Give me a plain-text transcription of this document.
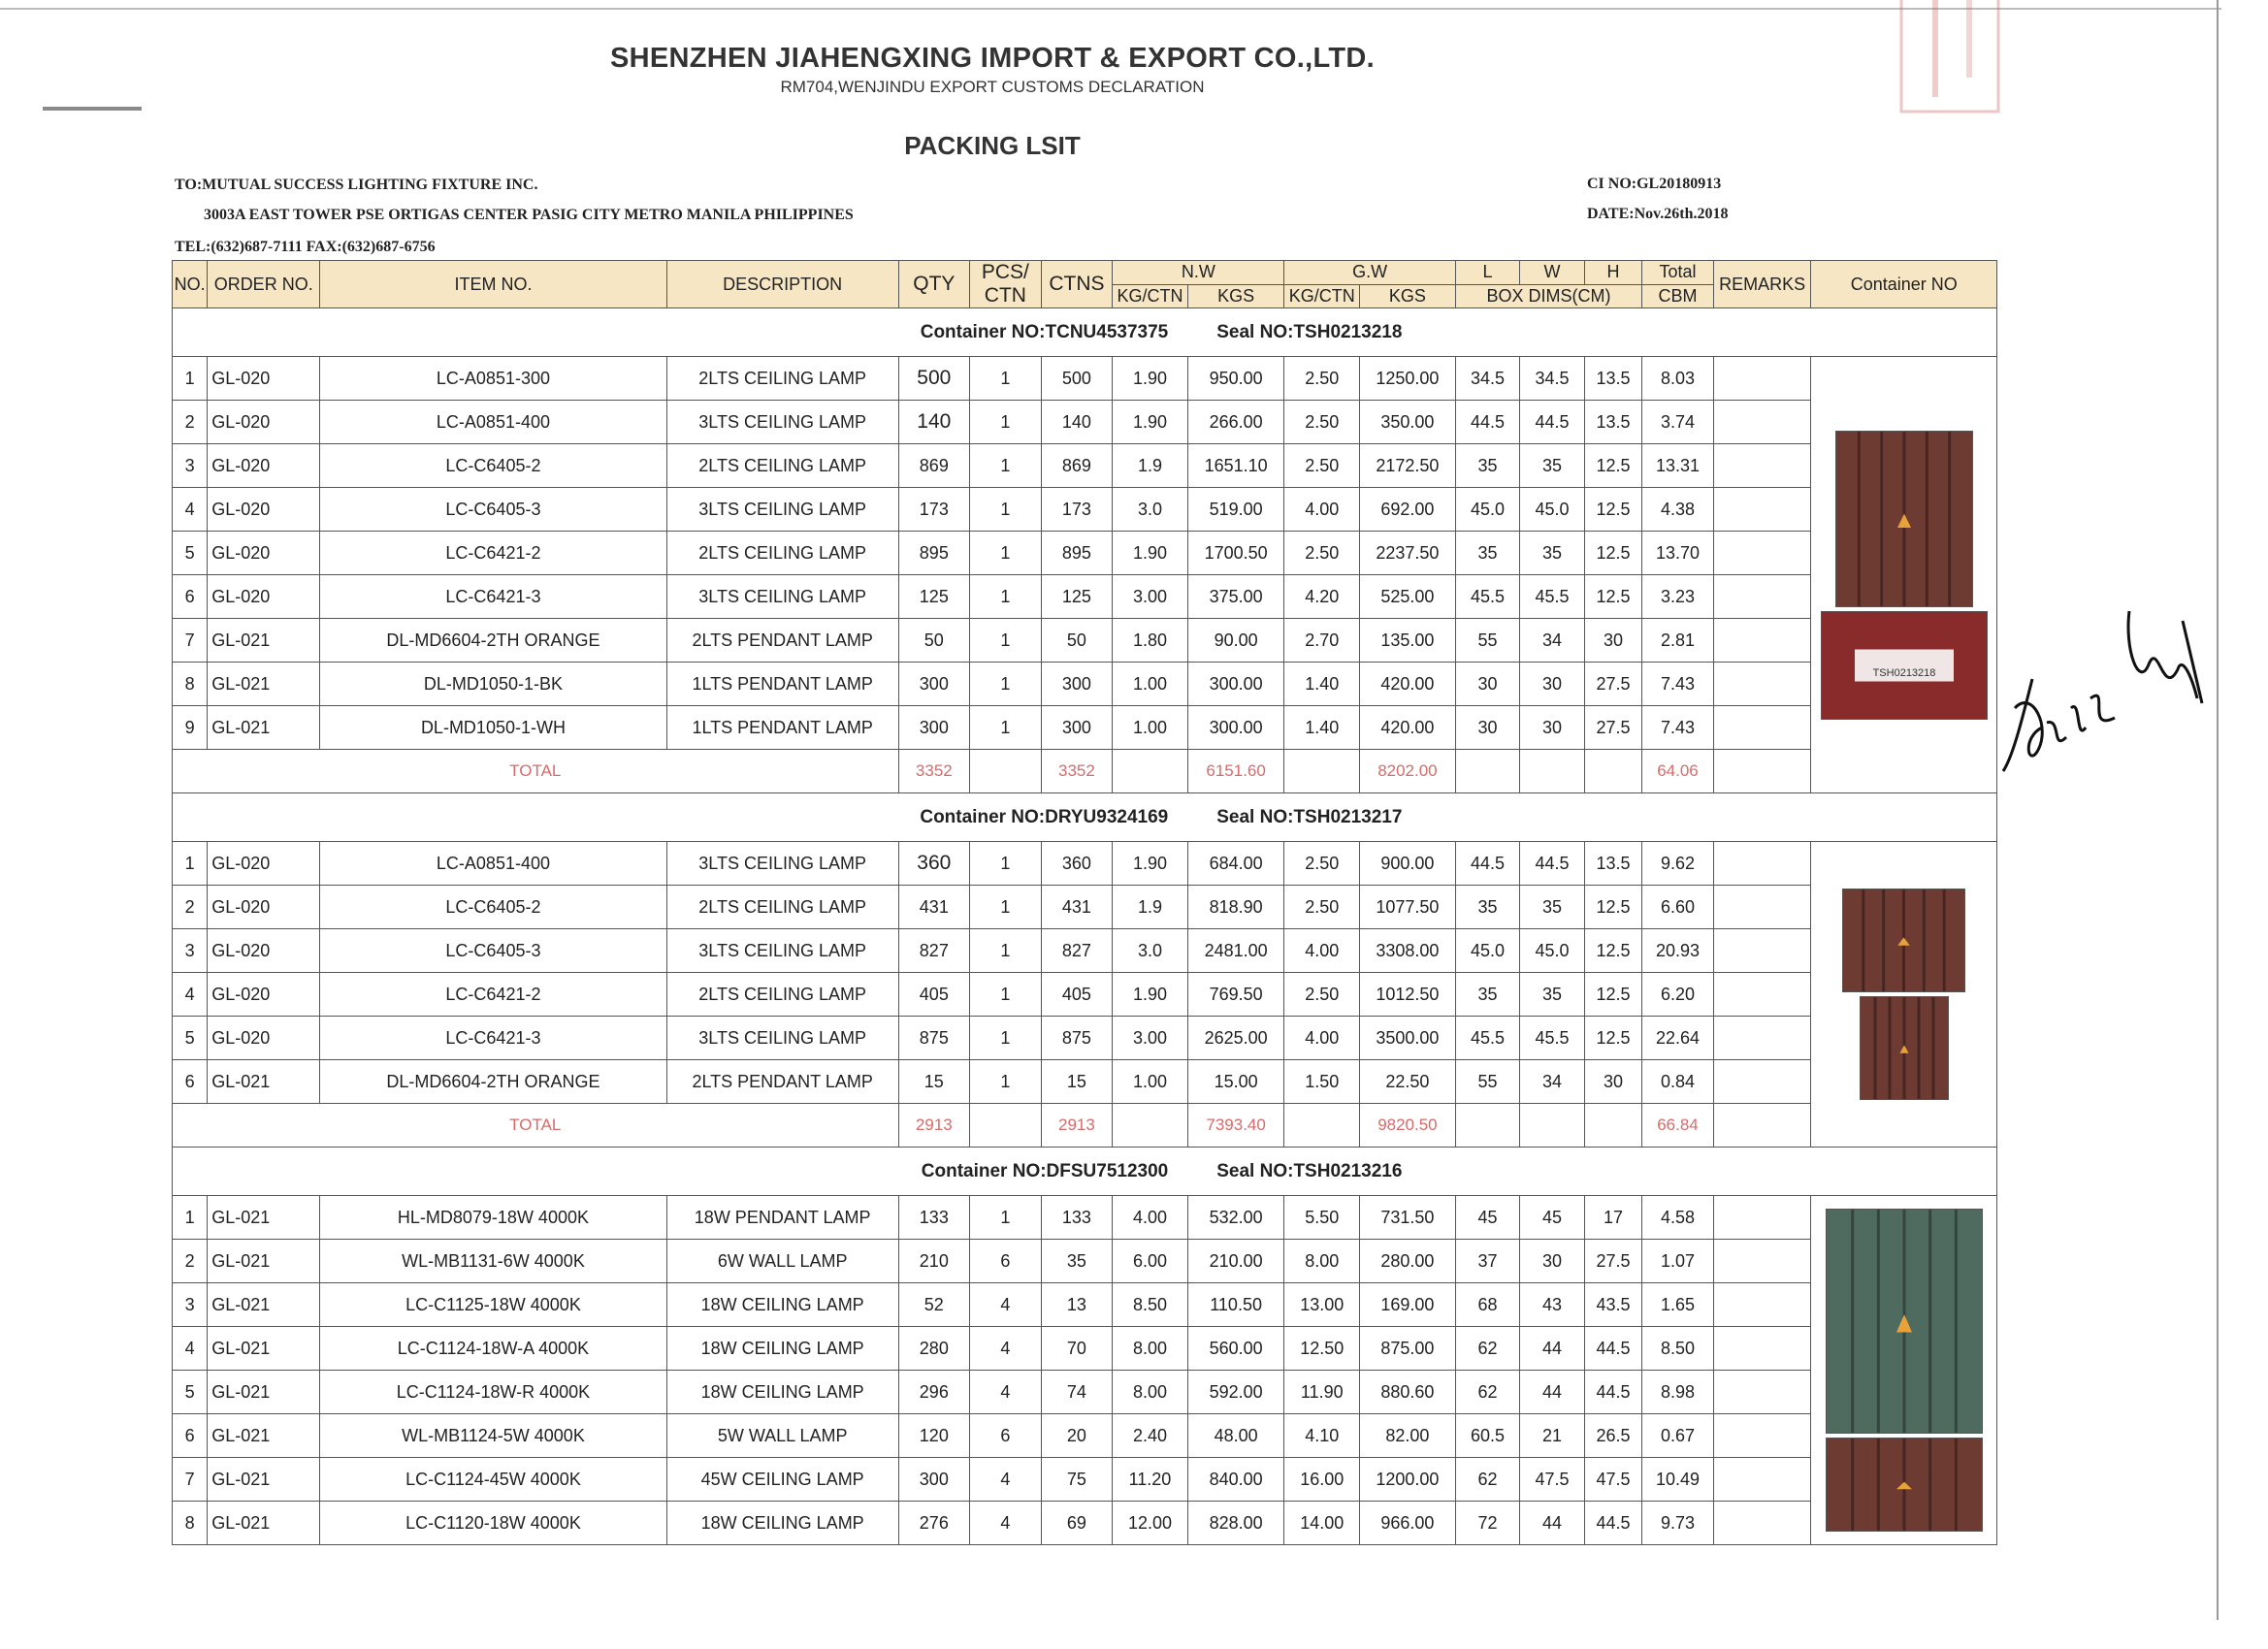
SHENZHEN JIAHENGXING IMPORT & EXPORT CO.,LTD.
RM704,WENJINDU EXPORT CUSTOMS DECLARATION
PACKING LSIT
TO:MUTUAL SUCCESS LIGHTING FIXTURE INC.
3003A EAST TOWER PSE ORTIGAS CENTER PASIG CITY METRO MANILA PHILIPPINES
TEL:(632)687-7111 FAX:(632)687-6756
CI NO:GL20180913
DATE:Nov.26th.2018
NO.	ORDER NO.	ITEM NO.	DESCRIPTION	QTY	PCS/	CTNS	N.W		G.W		L	W	H	Total	REMARKS	Container NO
					CTN		KG/CTN	KGS	KG/CTN	KGS	BOX DIMS(CM)			CBM		
Container NO:TCNU4537375								Seal NO:TSH0213218								
1	GL-020	LC-A0851-300	2LTS CEILING LAMP	500	1	500	1.90	950.00	2.50	1250.00	34.5	34.5	13.5	8.03		TSH0213218

2	GL-020	LC-A0851-400	3LTS CEILING LAMP	140	1	140	1.90	266.00	2.50	350.00	44.5	44.5	13.5	3.74		
3	GL-020	LC-C6405-2	2LTS CEILING LAMP	869	1	869	1.9	1651.10	2.50	2172.50	35	35	12.5	13.31		
4	GL-020	LC-C6405-3	3LTS CEILING LAMP	173	1	173	3.0	519.00	4.00	692.00	45.0	45.0	12.5	4.38		
5	GL-020	LC-C6421-2	2LTS CEILING LAMP	895	1	895	1.90	1700.50	2.50	2237.50	35	35	12.5	13.70		
6	GL-020	LC-C6421-3	3LTS CEILING LAMP	125	1	125	3.00	375.00	4.20	525.00	45.5	45.5	12.5	3.23		
7	GL-021	DL-MD6604-2TH ORANGE	2LTS PENDANT LAMP	50	1	50	1.80	90.00	2.70	135.00	55	34	30	2.81		
8	GL-021	DL-MD1050-1-BK	1LTS PENDANT LAMP	300	1	300	1.00	300.00	1.40	420.00	30	30	27.5	7.43		
9	GL-021	DL-MD1050-1-WH	1LTS PENDANT LAMP	300	1	300	1.00	300.00	1.40	420.00	30	30	27.5	7.43		
TOTAL				3352		3352		6151.60		8202.00				64.06		
Container NO:DRYU9324169								Seal NO:TSH0213217								
1	GL-020	LC-A0851-400	3LTS CEILING LAMP	360	1	360	1.90	684.00	2.50	900.00	44.5	44.5	13.5	9.62		

2	GL-020	LC-C6405-2	2LTS CEILING LAMP	431	1	431	1.9	818.90	2.50	1077.50	35	35	12.5	6.60		
3	GL-020	LC-C6405-3	3LTS CEILING LAMP	827	1	827	3.0	2481.00	4.00	3308.00	45.0	45.0	12.5	20.93		
4	GL-020	LC-C6421-2	2LTS CEILING LAMP	405	1	405	1.90	769.50	2.50	1012.50	35	35	12.5	6.20		
5	GL-020	LC-C6421-3	3LTS CEILING LAMP	875	1	875	3.00	2625.00	4.00	3500.00	45.5	45.5	12.5	22.64		
6	GL-021	DL-MD6604-2TH ORANGE	2LTS PENDANT LAMP	15	1	15	1.00	15.00	1.50	22.50	55	34	30	0.84		
TOTAL				2913		2913		7393.40		9820.50				66.84		
Container NO:DFSU7512300								Seal NO:TSH0213216								
1	GL-021	HL-MD8079-18W 4000K	18W PENDANT LAMP	133	1	133	4.00	532.00	5.50	731.50	45	45	17	4.58		

2	GL-021	WL-MB1131-6W 4000K	6W WALL LAMP	210	6	35	6.00	210.00	8.00	280.00	37	30	27.5	1.07		
3	GL-021	LC-C1125-18W 4000K	18W CEILING LAMP	52	4	13	8.50	110.50	13.00	169.00	68	43	43.5	1.65		
4	GL-021	LC-C1124-18W-A 4000K	18W CEILING LAMP	280	4	70	8.00	560.00	12.50	875.00	62	44	44.5	8.50		
5	GL-021	LC-C1124-18W-R 4000K	18W CEILING LAMP	296	4	74	8.00	592.00	11.90	880.60	62	44	44.5	8.98		
6	GL-021	WL-MB1124-5W 4000K	5W WALL LAMP	120	6	20	2.40	48.00	4.10	82.00	60.5	21	26.5	0.67		
7	GL-021	LC-C1124-45W 4000K	45W CEILING LAMP	300	4	75	11.20	840.00	16.00	1200.00	62	47.5	47.5	10.49		
8	GL-021	LC-C1120-18W 4000K	18W CEILING LAMP	276	4	69	12.00	828.00	14.00	966.00	72	44	44.5	9.73		
